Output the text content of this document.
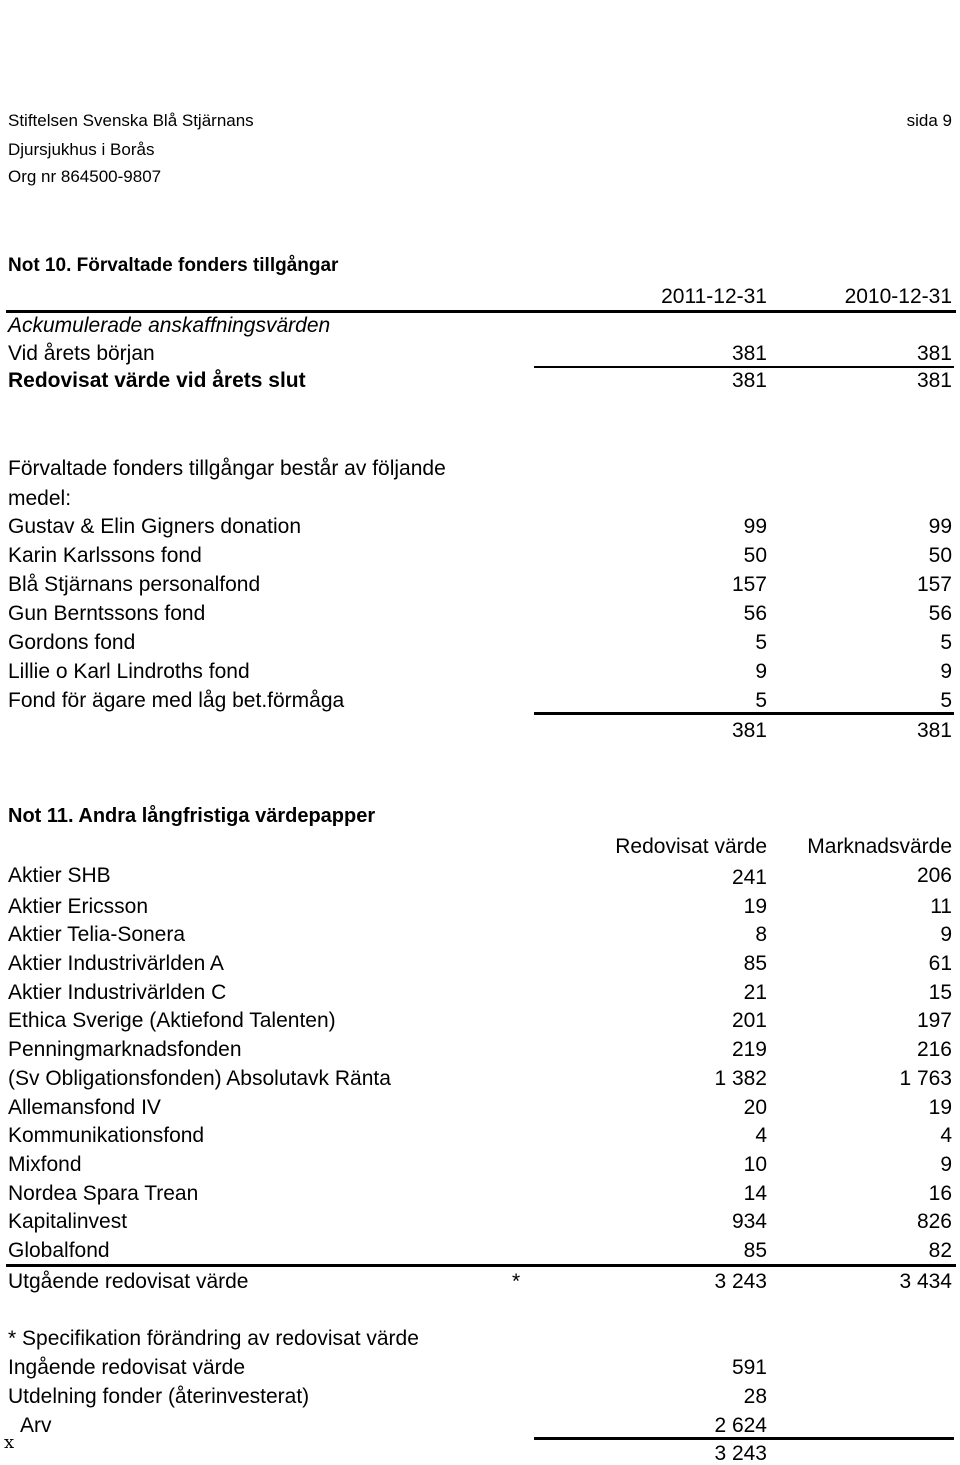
Stiftelsen Svenska Blå Stjärnans
Djursjukhus i Borås
Org nr 864500-9807
sida 9
Not 10. Förvaltade fonders tillgångar
2011-12-31	2010-12-31
Ackumulerade anskaffningsvärden
Vid årets början	381	381
Redovisat värde vid årets slut	381	381
Förvaltade fonders tillgångar består av följande
medel:
Gustav & Elin Gigners donation	99	99
Karin Karlssons fond	50	50
Blå Stjärnans personalfond	157	157
Gun Berntssons fond	56	56
Gordons fond	5	5
Lillie o Karl Lindroths fond	9	9
Fond för ägare med låg bet.förmåga	5	5
381	381
Not 11. Andra långfristiga värdepapper
Redovisat värde Marknadsvärde
Aktier SHB	241	206
Aktier Ericsson	19	11
Aktier Telia-Sonera	8	9
Aktier Industrivärlden A	85	61
Aktier Industrivärlden C	21	15
Ethica Sverige (Aktiefond Talenten)	201	197
Penningmarknadsfonden	219	216
(Sv Obligationsfonden) Absolutavk Ränta	1 382	1 763
Allemansfond IV	20	19
Kommunikationsfond	4	4
Mixfond	10	9
Nordea Spara Trean	14	16
Kapitalinvest	934	826
Globalfond	85	82
Utgående redovisat värde	*	3 243	3 434
* Specifikation förändring av redovisat värde
Ingående redovisat värde	591
Utdelning fonder (återinvesterat)	28
Arv	2 624
x	3 243
